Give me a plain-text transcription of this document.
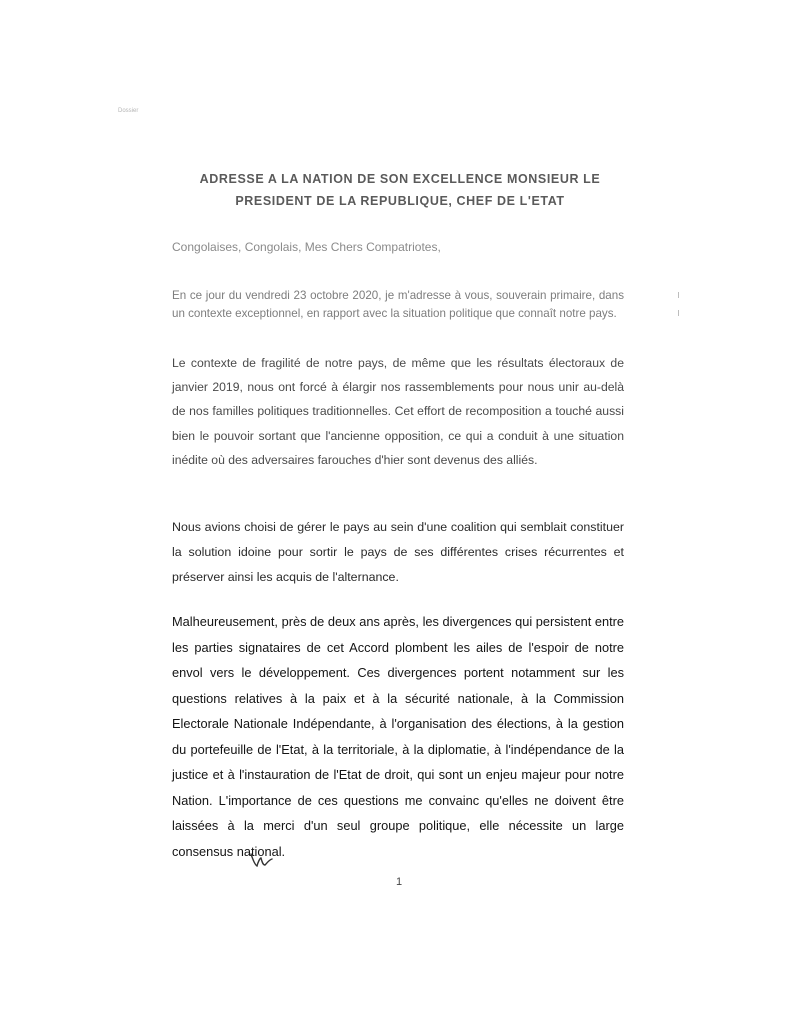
Dossier
ADRESSE A LA NATION DE SON EXCELLENCE MONSIEUR LE
PRESIDENT DE LA REPUBLIQUE, CHEF DE L'ETAT
Congolaises, Congolais, Mes Chers Compatriotes,
En ce jour du vendredi 23 octobre 2020, je m'adresse à vous, souverain primaire, dans un contexte exceptionnel, en rapport avec la situation politique que connaît notre pays.
Le contexte de fragilité de notre pays, de même que les résultats électoraux de janvier 2019, nous ont forcé à élargir nos rassemblements pour nous unir au-delà de nos familles politiques traditionnelles. Cet effort de recomposition a touché aussi bien le pouvoir sortant que l'ancienne opposition, ce qui a conduit à une situation inédite où des adversaires farouches d'hier sont devenus des alliés.
Nous avions choisi de gérer le pays au sein d'une coalition qui semblait constituer la solution idoine pour sortir le pays de ses différentes crises récurrentes et préserver ainsi les acquis de l'alternance.
Malheureusement, près de deux ans après, les divergences qui persistent entre les parties signataires de cet Accord plombent les ailes de l'espoir de notre envol vers le développement. Ces divergences portent notamment sur les questions relatives à la paix et à la sécurité nationale, à la Commission Electorale Nationale Indépendante, à l'organisation des élections, à la gestion du portefeuille de l'Etat, à la territoriale, à la diplomatie, à l'indépendance de la justice et à l'instauration de l'Etat de droit, qui sont un enjeu majeur pour notre Nation. L'importance de ces questions me convainc qu'elles ne doivent être laissées à la merci d'un seul groupe politique, elle nécessite un large consensus national.
1
